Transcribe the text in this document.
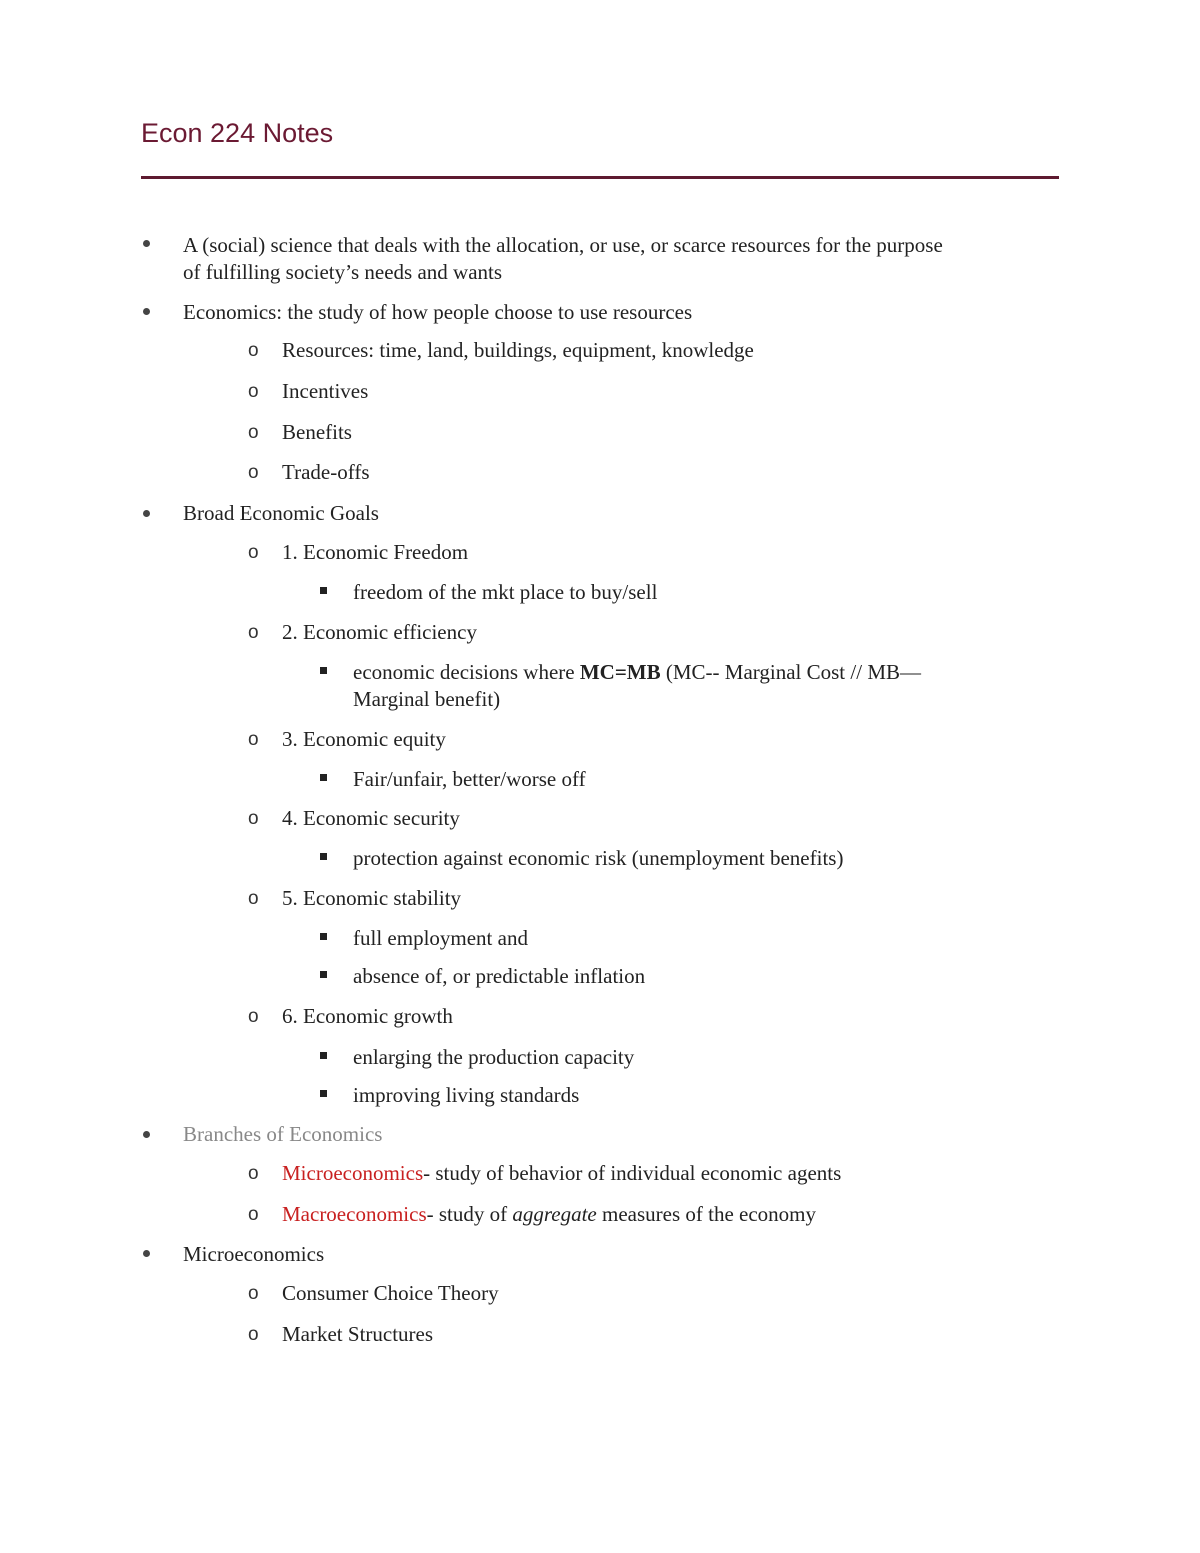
Econ 224 Notes
A (social) science that deals with the allocation, or use, or scarce resources for the purpose
of fulfilling society’s needs and wants
Economics: the study of how people choose to use resources
o Resources: time, land, buildings, equipment, knowledge
o Incentives
o Benefits
o Trade-offs
Broad Economic Goals
o 1. Economic Freedom
freedom of the mkt place to buy/sell
o 2. Economic efficiency
economic decisions where MC=MB (MC-- Marginal Cost // MB—
Marginal benefit)
o 3. Economic equity
Fair/unfair, better/worse off
o 4. Economic security
protection against economic risk (unemployment benefits)
o 5. Economic stability
full employment and
absence of, or predictable inflation
o 6. Economic growth
enlarging the production capacity
improving living standards
Branches of Economics
o Microeconomics- study of behavior of individual economic agents
o Macroeconomics- study of aggregate measures of the economy
Microeconomics
o Consumer Choice Theory
o Market Structures
